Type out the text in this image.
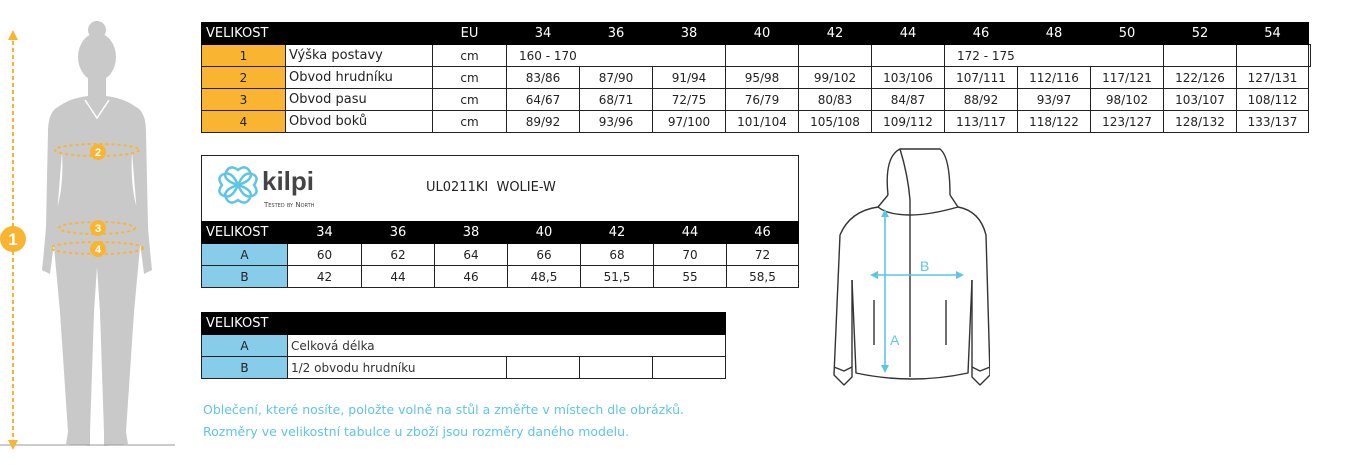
1
2
3
4
VELIKOST		EU	34	36	38	40	42	44	46	48	50	52	54	
1	Výška postavy	cm	160 - 170						172 - 175					
2	Obvod hrudníku	cm	83/86	87/90	91/94	95/98	99/102	103/106	107/111	112/116	117/121	122/126	127/131	
3	Obvod pasu	cm	64/67	68/71	72/75	76/79	80/83	84/87	88/92	93/97	98/102	103/107	108/112	
4	Obvod boků	cm	89/92	93/96	97/100	101/104	105/108	109/112	113/117	118/122	123/127	128/132	133/137	
kilpi
Tested by North
UL0211KI  WOLIE-W
VELIKOST	34	36	38	40	42	44	46
A	60	62	64	66	68	70	72
B	42	44	46	48,5	51,5	55	58,5
VELIKOST				
A	Celková délka			
B	1/2 obvodu hrudníku			
Oblečení, které nosíte, položte volně na stůl a změřte v místech dle obrázků.
Rozměry ve velikostní tabulce u zboží jsou rozměry daného modelu.
A
B
